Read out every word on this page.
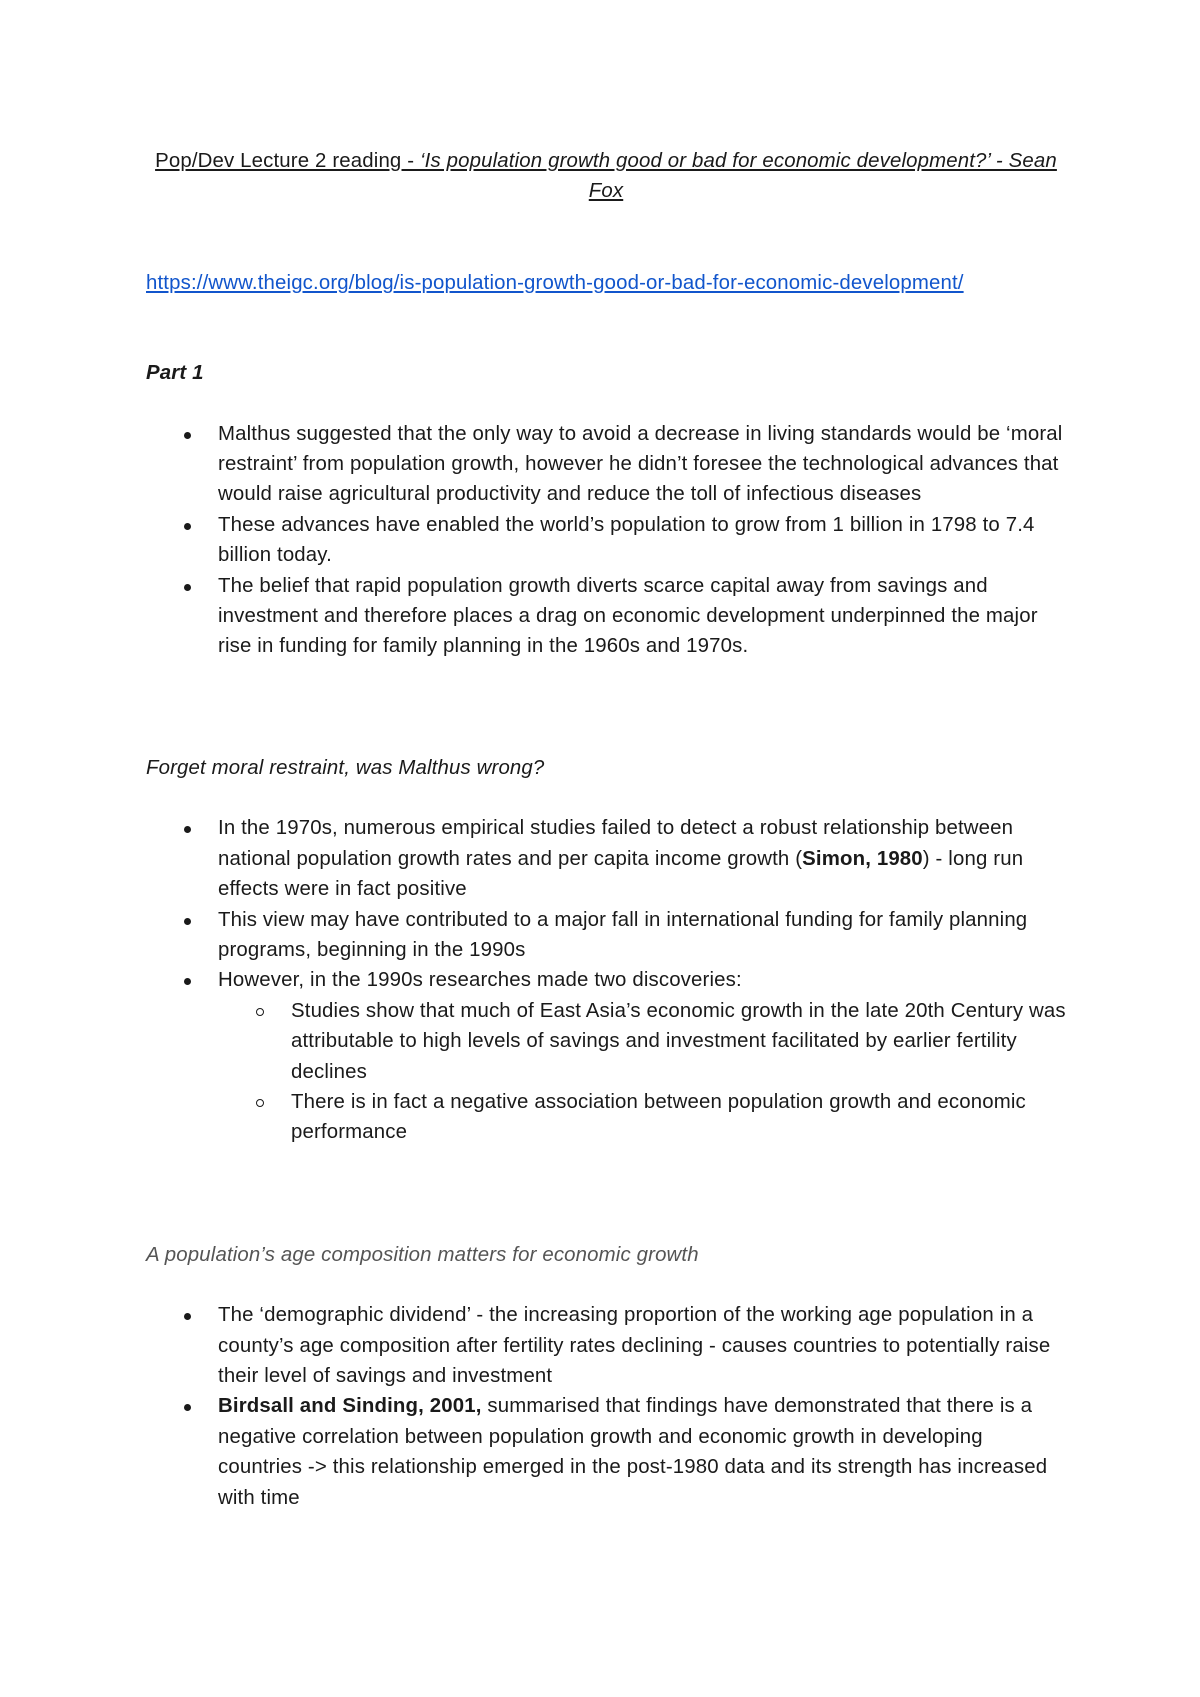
Pop/Dev Lecture 2 reading - ‘Is population growth good or bad for economic development?’ - Sean Fox

https://www.theigc.org/blog/is-population-growth-good-or-bad-for-economic-development/

Part 1
Malthus suggested that the only way to avoid a decrease in living standards would be ‘moral restraint’ from population growth, however he didn’t foresee the technological advances that would raise agricultural productivity and reduce the toll of infectious diseases
These advances have enabled the world’s population to grow from 1 billion in 1798 to 7.4 billion today.
The belief that rapid population growth diverts scarce capital away from savings and investment and therefore places a drag on economic development underpinned the major rise in funding for family planning in the 1960s and 1970s.
Forget moral restraint, was Malthus wrong?
In the 1970s, numerous empirical studies failed to detect a robust relationship between national population growth rates and per capita income growth (Simon, 1980) - long run effects were in fact positive
This view may have contributed to a major fall in international funding for family planning programs, beginning in the 1990s
However, in the 1990s researches made two discoveries:
Studies show that much of East Asia’s economic growth in the late 20th Century was attributable to high levels of savings and investment facilitated by earlier fertility declines
There is in fact a negative association between population growth and economic performance
A population’s age composition matters for economic growth
The ‘demographic dividend’ - the increasing proportion of the working age population in a county’s age composition after fertility rates declining - causes countries to potentially raise their level of savings and investment
Birdsall and Sinding, 2001, summarised that findings have demonstrated that there is a negative correlation between population growth and economic growth in developing countries -> this relationship emerged in the post-1980 data and its strength has increased with time
